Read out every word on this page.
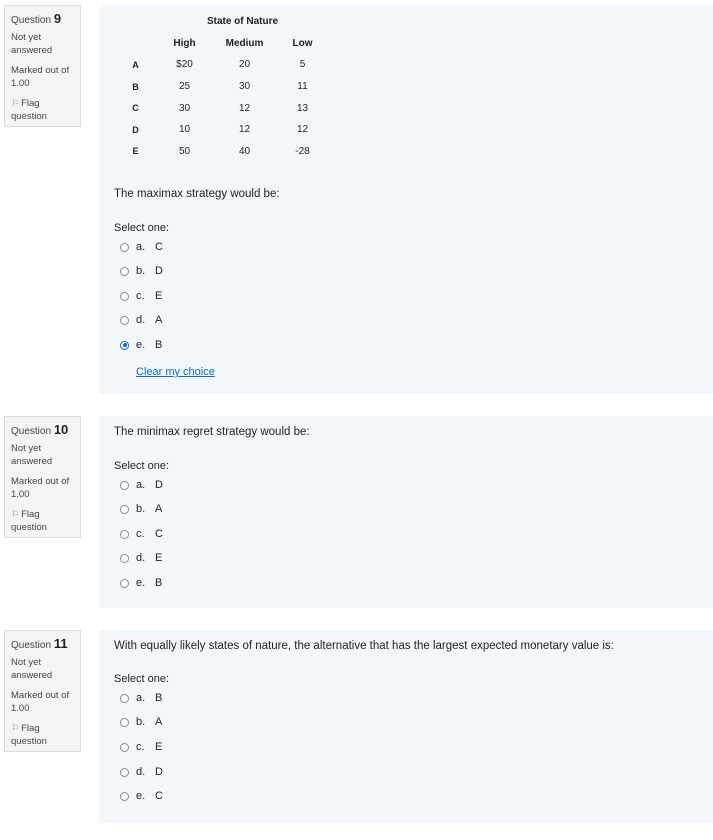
Question 9
Not yet answered
Marked out of 1.00
⚐ Flag question
	State of Nature		
	High	Medium	Low
A	$20	20	5
B	25	30	11
C	30	12	13
D	10	12	12
E	50	40	-28
The maximax strategy would be:
Select one:
a. C
b. D
c. E
d. A
e. B
Clear my choice
Question 10
Not yet answered
Marked out of 1.00
⚐ Flag question
The minimax regret strategy would be:
Select one:
a. D
b. A
c. C
d. E
e. B
Question 11
Not yet answered
Marked out of 1.00
⚐ Flag question
With equally likely states of nature, the alternative that has the largest expected monetary value is:
Select one:
a. B
b. A
c. E
d. D
e. C
